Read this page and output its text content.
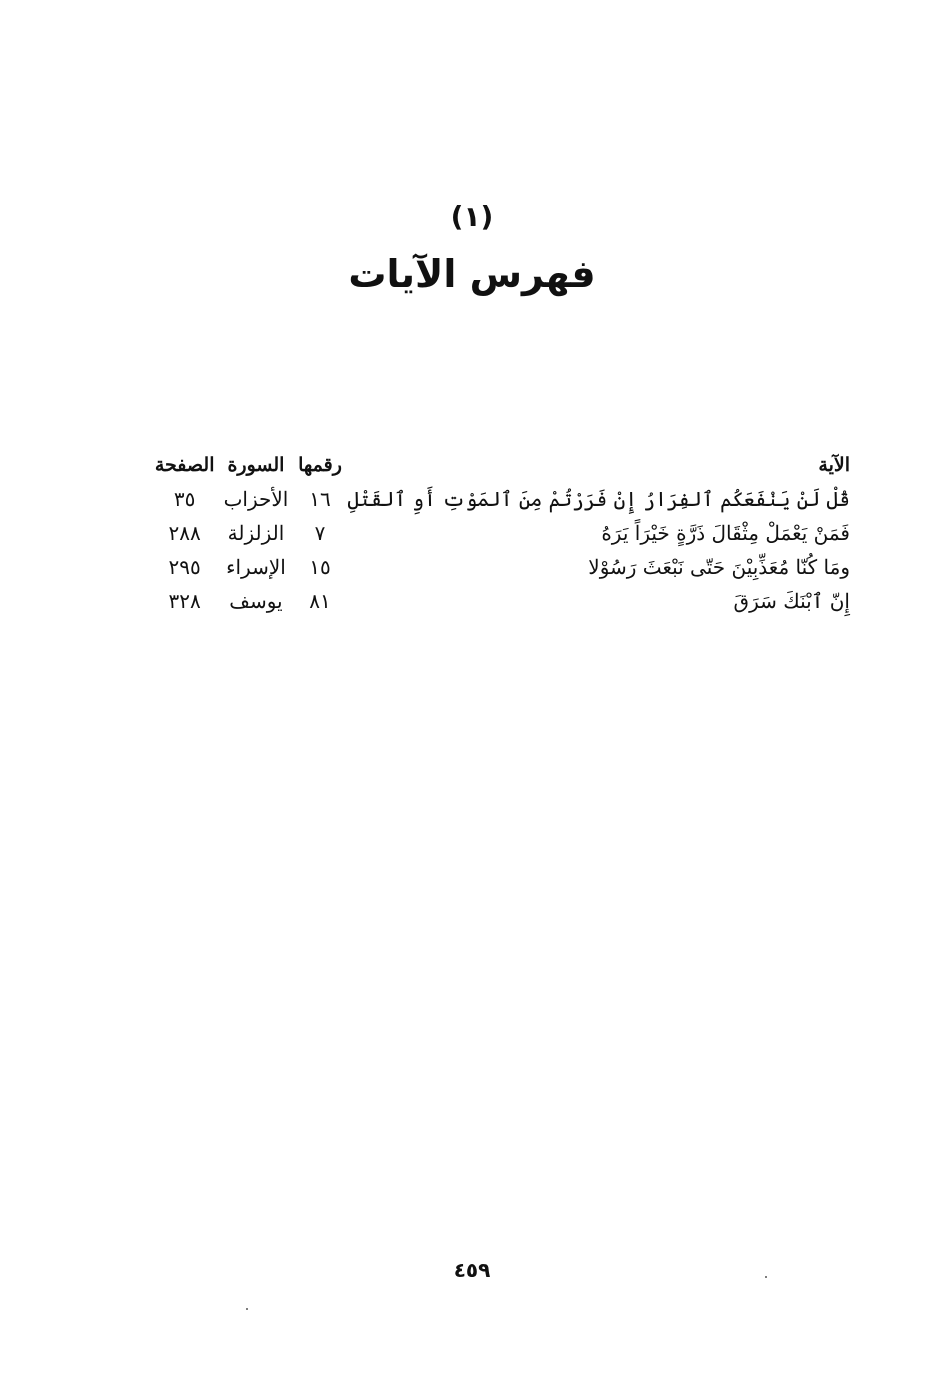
(١)
فهرس الآيات
الآية	رقمها	السورة	الصفحة
قُلْ لَنْ يَنْفَعَكُم ٱلفِرَارُ إِنْ فَرَرْتُمْ مِنَ ٱلمَوْتِ أَوِ ٱلقَتْلِ	١٦	الأحزاب	٣٥
فَمَنْ يَعْمَلْ مِثْقَالَ ذَرَّةٍ خَيْرَاً يَرَهُ	٧	الزلزلة	٢٨٨
ومَا كُنّا مُعَذِّبِيْنَ حَتّى نَبْعَثَ رَسُوْلا	١٥	الإسراء	٢٩٥
إِنّ ٱبْنَكَ سَرَقَ	٨١	يوسف	٣٢٨
٤٥٩
